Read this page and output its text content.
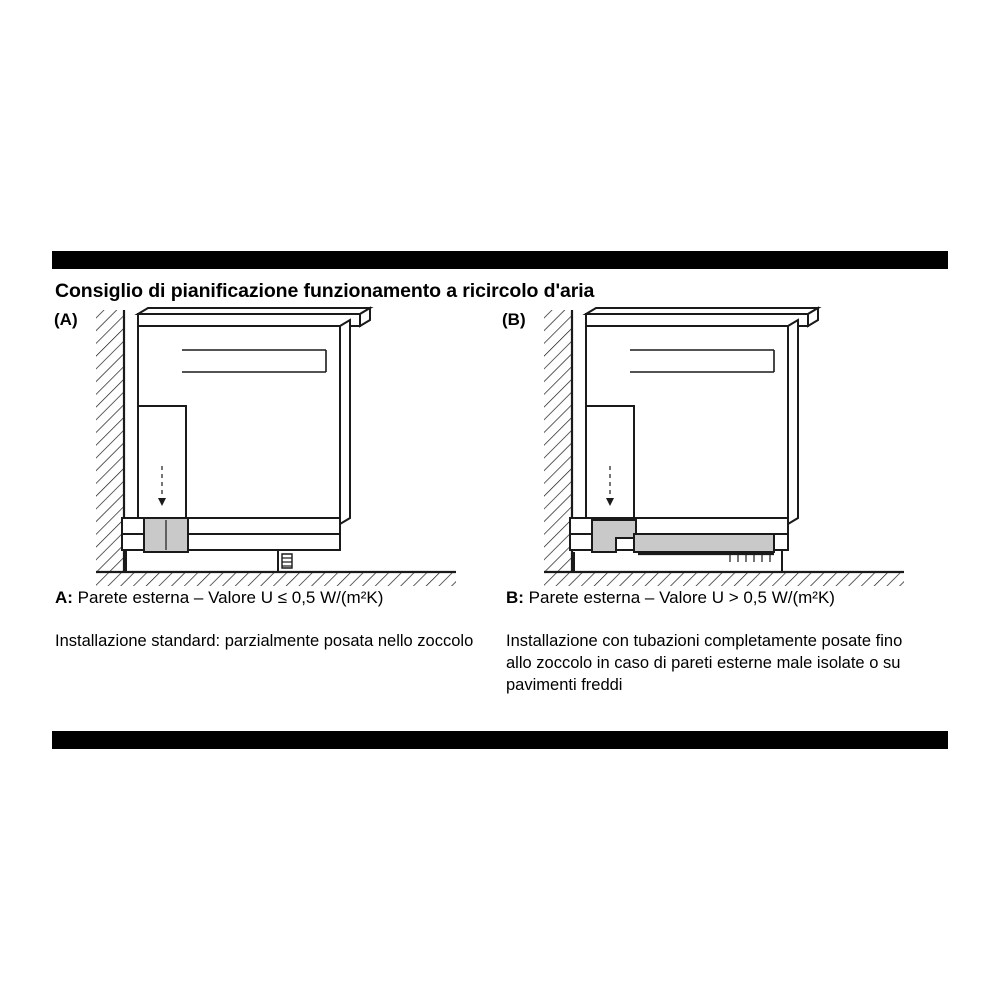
Consiglio di pianificazione funzionamento a ricircolo d'aria
(A)	(B)
A: Parete esterna – Valore U ≤ 0,5 W/(m²K)	B: Parete esterna – Valore U > 0,5 W/(m²K)
Installazione standard: parzialmente posata nello zoccolo Installazione con tubazioni completamente posate fino allo zoccolo in caso di pareti esterne male isolate o su pavimenti freddi
